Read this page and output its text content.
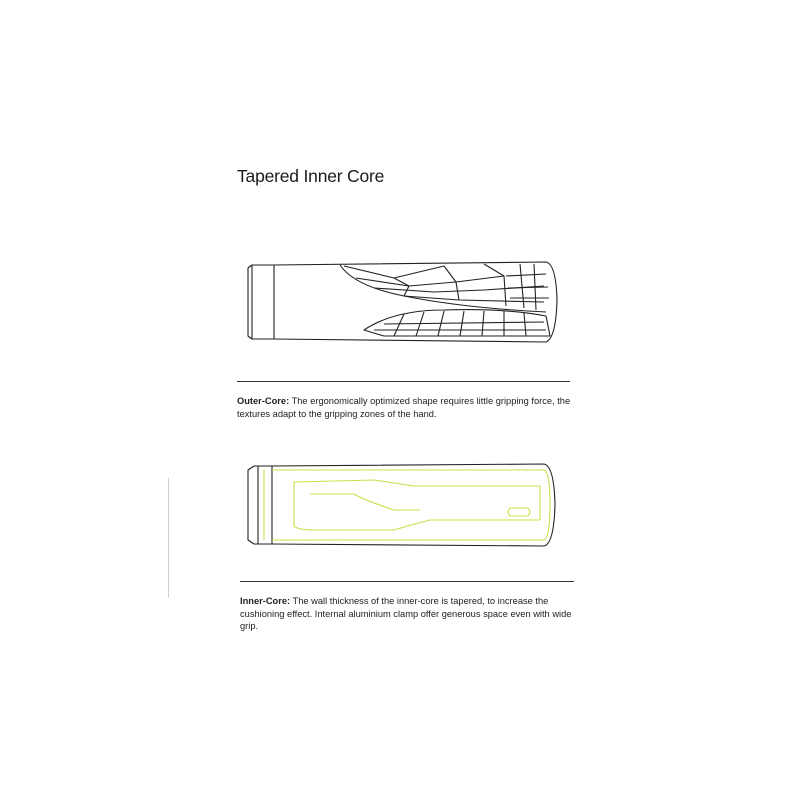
Tapered Inner Core

Outer-Core: The ergonomically optimized shape requires little gripping force, the textures adapt to the gripping zones of the hand.

Inner-Core: The wall thickness of the inner-core is tapered, to increase the cushioning effect. Internal aluminium clamp offer generous space even with wide grip.
